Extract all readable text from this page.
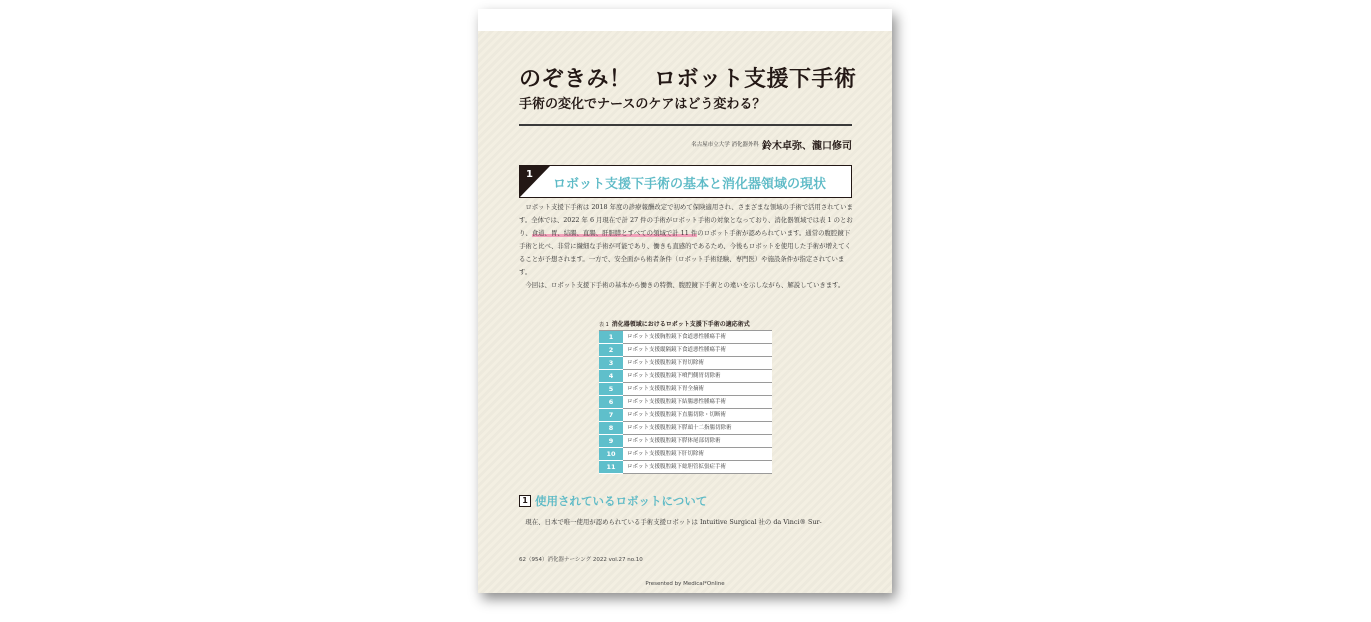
のぞきみ！　ロボット支援下手術
手術の変化でナースのケアはどう変わる？
名古屋市立大学 消化器外科 鈴木卓弥、瀧口修司
1
ロボット支援下手術の基本と消化器領域の現状

ロボット支援下手術は 2018 年度の診療報酬改定で初めて保険適用され、さまざまな領域の手術で活用されています。全体では、2022 年 6 月現在で計 27 件の手術がロボット手術の対象となっており、消化器領域では表 1 のとおり、食道、胃、結腸、直腸、肝胆膵とすべての領域で計 11 件のロボット手術が認められています。通常の腹腔鏡下手術と比べ、非常に繊細な手術が可能であり、働きも直感的であるため、今後もロボットを使用した手術が増えてくることが予想されます。一方で、安全面から術者条件（ロボット手術経験、専門医）や施設条件が指定されています。

今回は、ロボット支援下手術の基本から働きの特徴、腹腔鏡下手術との違いを示しながら、解説していきます。

表 1 消化器領域におけるロボット支援下手術の適応術式
1	ロボット支援胸腔鏡下食道悪性腫瘍手術
2	ロボット支援縦隔鏡下食道悪性腫瘍手術
3	ロボット支援腹腔鏡下胃切除術
4	ロボット支援腹腔鏡下噴門側胃切除術
5	ロボット支援腹腔鏡下胃全摘術
6	ロボット支援腹腔鏡下結腸悪性腫瘍手術
7	ロボット支援腹腔鏡下直腸切除・切断術
8	ロボット支援腹腔鏡下膵頭十二指腸切除術
9	ロボット支援腹腔鏡下膵体尾部切除術
10	ロボット支援腹腔鏡下肝切除術
11	ロボット支援腹腔鏡下総胆管拡張症手術
1 使用されているロボットについて
現在、日本で唯一使用が認められている手術支援ロボットは Intuitive Surgical 社の da Vinci® Sur-
62（954）消化器ナーシング 2022 vol.27 no.10
Presented by Medical*Online
